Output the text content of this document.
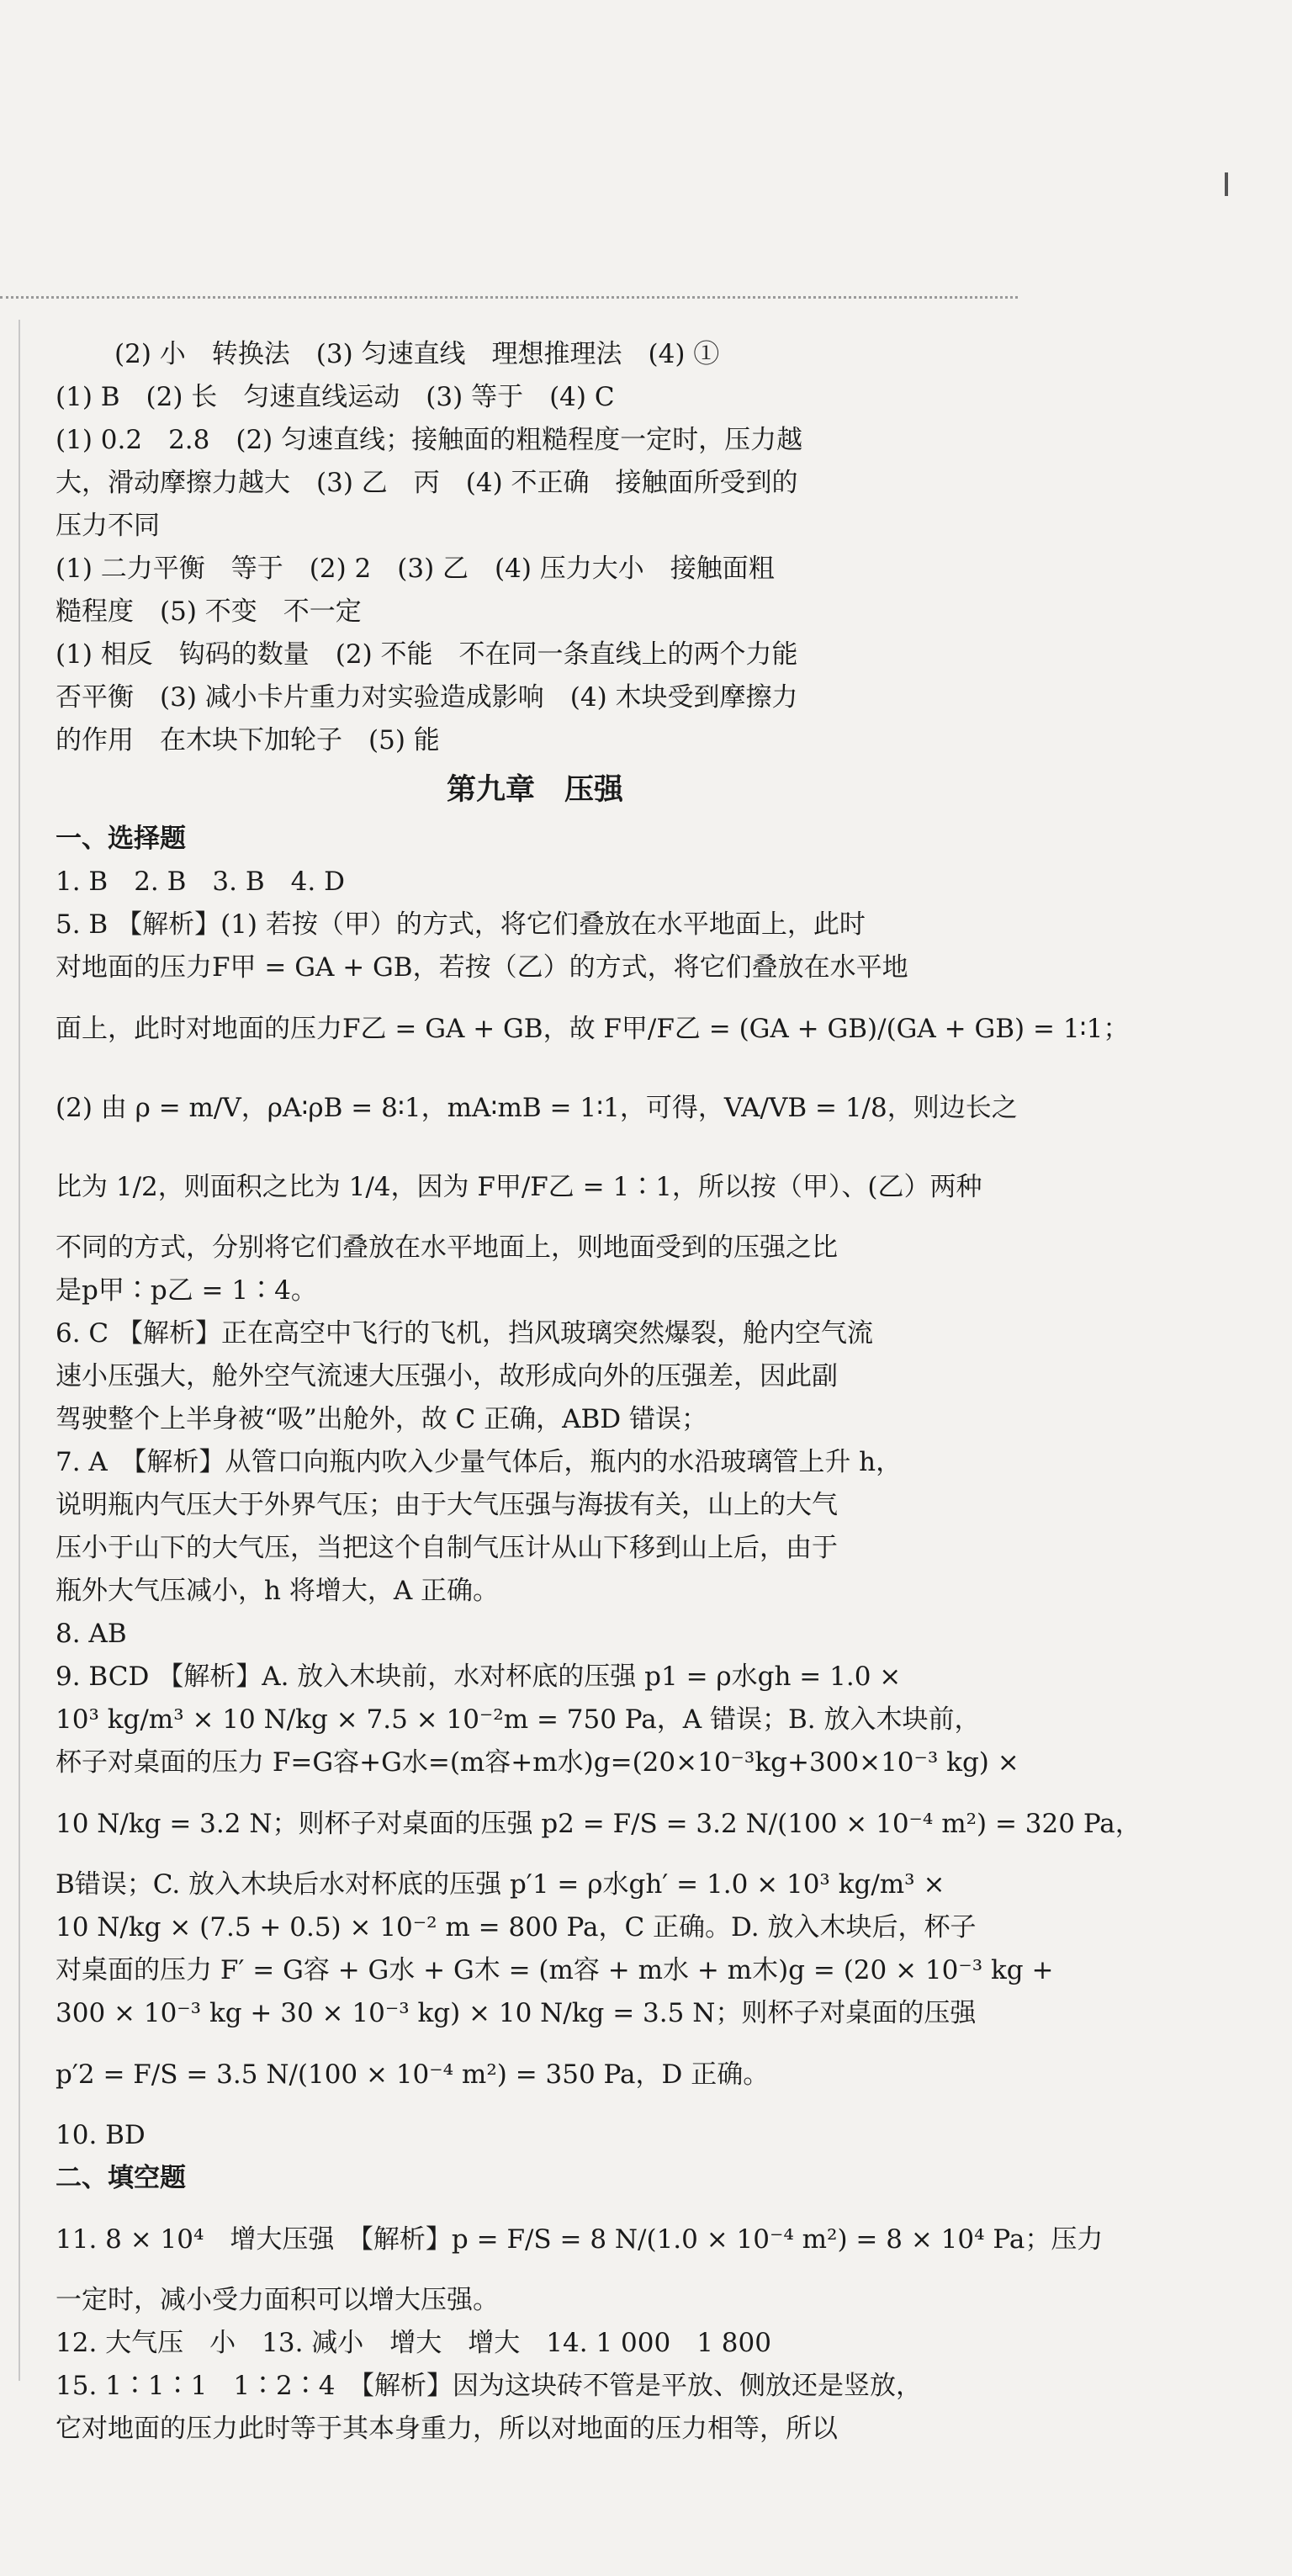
(2) 小　转换法　(3) 匀速直线　理想推理法　(4) ①
(1) B　(2) 长　匀速直线运动　(3) 等于　(4) C
(1) 0.2　2.8　(2) 匀速直线；接触面的粗糙程度一定时，压力越
大，滑动摩擦力越大　(3) 乙　丙　(4) 不正确　接触面所受到的
压力不同
(1) 二力平衡　等于　(2) 2　(3) 乙　(4) 压力大小　接触面粗
糙程度　(5) 不变　不一定
(1) 相反　钩码的数量　(2) 不能　不在同一条直线上的两个力能
否平衡　(3) 减小卡片重力对实验造成影响　(4) 木块受到摩擦力
的作用　在木块下加轮子　(5) 能
第九章　压强
一、选择题
1. B　2. B　3. B　4. D
5. B 【解析】(1) 若按（甲）的方式，将它们叠放在水平地面上，此时
对地面的压力F甲 = GA + GB，若按（乙）的方式，将它们叠放在水平地
面上，此时对地面的压力F乙 = GA + GB，故 F甲/F乙 = (GA + GB)/(GA + GB) = 1∶1；
(2) 由 ρ = m/V，ρA∶ρB = 8∶1，mA∶mB = 1∶1，可得，VA/VB = 1/8，则边长之
比为 1/2，则面积之比为 1/4，因为 F甲/F乙 = 1∶1，所以按（甲）、(乙）两种
不同的方式，分别将它们叠放在水平地面上，则地面受到的压强之比
是p甲∶p乙 = 1∶4。
6. C 【解析】正在高空中飞行的飞机，挡风玻璃突然爆裂，舱内空气流
速小压强大，舱外空气流速大压强小，故形成向外的压强差，因此副
驾驶整个上半身被“吸”出舱外，故 C 正确，ABD 错误；
7. A　【解析】从管口向瓶内吹入少量气体后，瓶内的水沿玻璃管上升 h，
说明瓶内气压大于外界气压；由于大气压强与海拔有关，山上的大气
压小于山下的大气压，当把这个自制气压计从山下移到山上后，由于
瓶外大气压减小，h 将增大，A 正确。
8. AB
9. BCD 【解析】A. 放入木块前，水对杯底的压强 p1 = ρ水gh = 1.0 ×
10³ kg/m³ × 10 N/kg × 7.5 × 10⁻²m = 750 Pa，A 错误；B. 放入木块前，
杯子对桌面的压力 F=G容+G水=(m容+m水)g=(20×10⁻³kg+300×10⁻³ kg) ×
10 N/kg = 3.2 N；则杯子对桌面的压强 p2 = F/S = 3.2 N/(100 × 10⁻⁴ m²) = 320 Pa，
B错误；C. 放入木块后水对杯底的压强 p′1 = ρ水gh′ = 1.0 × 10³ kg/m³ ×
10 N/kg × (7.5 + 0.5) × 10⁻² m = 800 Pa，C 正确。D. 放入木块后，杯子
对桌面的压力 F′ = G容 + G水 + G木 = (m容 + m水 + m木)g = (20 × 10⁻³ kg +
300 × 10⁻³ kg + 30 × 10⁻³ kg) × 10 N/kg = 3.5 N；则杯子对桌面的压强
p′2 = F/S = 3.5 N/(100 × 10⁻⁴ m²) = 350 Pa，D 正确。
10. BD
二、填空题
11. 8 × 10⁴　增大压强　【解析】p = F/S = 8 N/(1.0 × 10⁻⁴ m²) = 8 × 10⁴ Pa；压力
一定时，减小受力面积可以增大压强。
12. 大气压　小　13. 减小　增大　增大　14. 1 000　1 800
15. 1∶1∶1　1∶2∶4　【解析】因为这块砖不管是平放、侧放还是竖放，
它对地面的压力此时等于其本身重力，所以对地面的压力相等，所以
